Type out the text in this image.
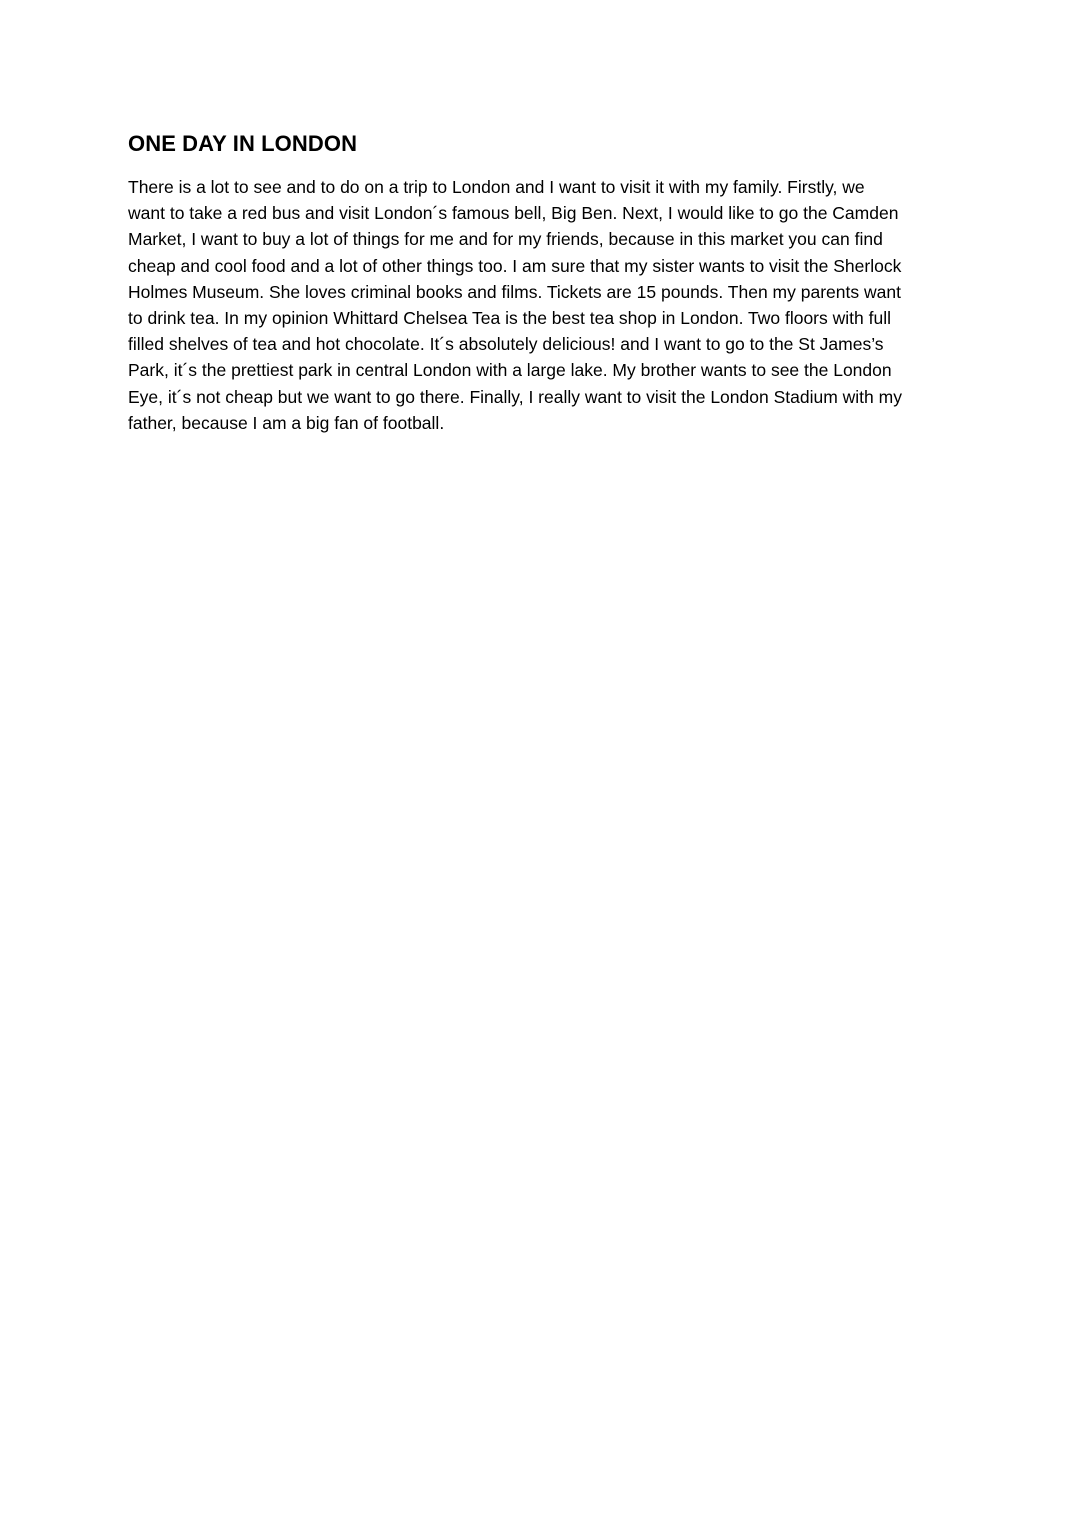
ONE DAY IN LONDON

There is a lot to see and to do on a trip to London and I want to visit it with my family. Firstly, we
want to take a red bus and visit London´s famous bell, Big Ben. Next, I would like to go the Camden
Market, I want to buy a lot of things for me and for my friends, because in this market you can find
cheap and cool food and a lot of other things too. I am sure that my sister wants to visit the Sherlock
Holmes Museum. She loves criminal books and films. Tickets are 15 pounds. Then my parents want
to drink tea. In my opinion Whittard Chelsea Tea is the best tea shop in London. Two floors with full
filled shelves of tea and hot chocolate. It´s absolutely delicious! and I want to go to the St James’s
Park, it´s the prettiest park in central London with a large lake. My brother wants to see the London
Eye, it´s not cheap but we want to go there. Finally, I really want to visit the London Stadium with my
father, because I am a big fan of football.
